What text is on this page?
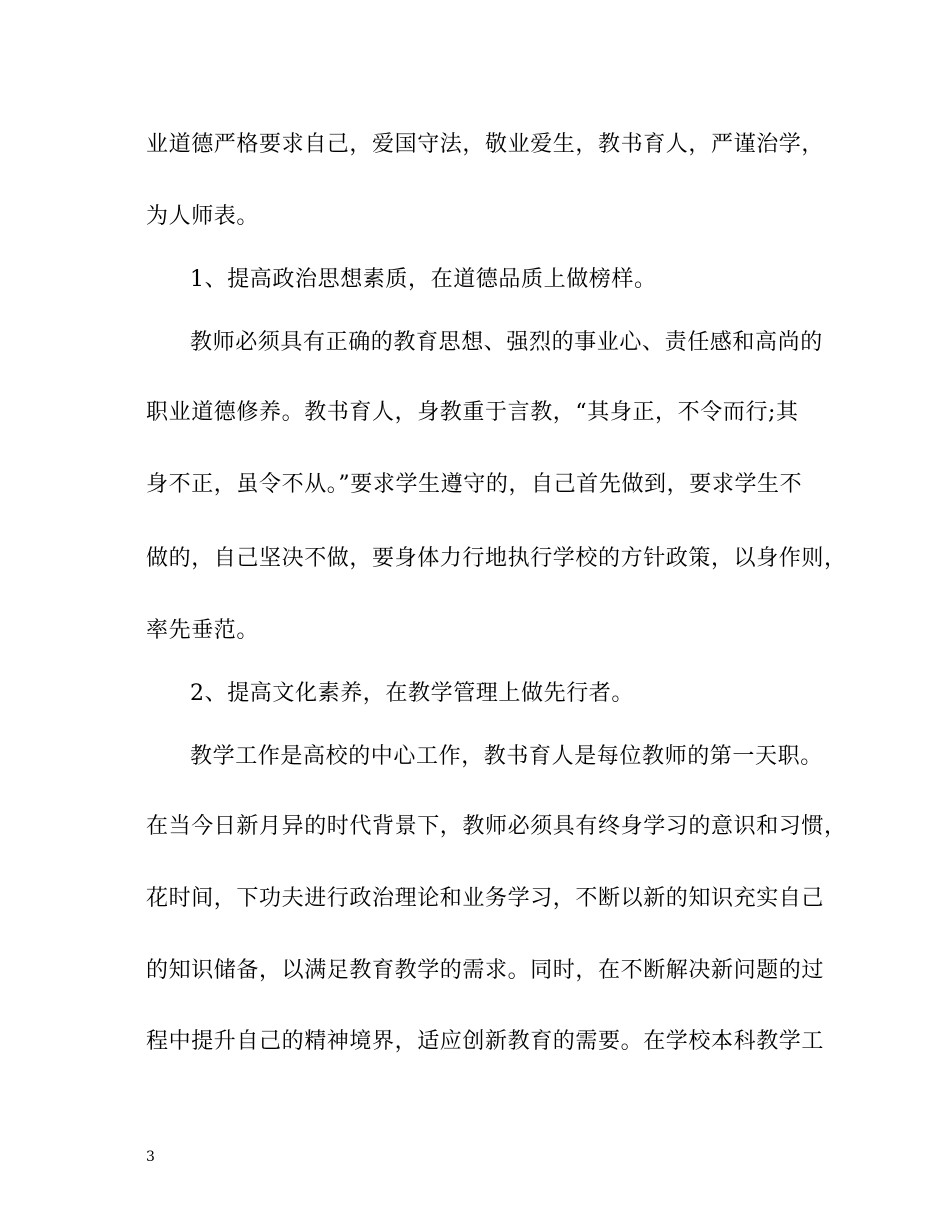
业道德严格要求自己，爱国守法，敬业爱生，教书育人，严谨治学，
为人师表。
1、提高政治思想素质，在道德品质上做榜样。
教师必须具有正确的教育思想、强烈的事业心、责任感和高尚的
职业道德修养。教书育人，身教重于言教，“其身正，不令而行;其
身不正，虽令不从。”要求学生遵守的，自己首先做到，要求学生不
做的，自己坚决不做，要身体力行地执行学校的方针政策，以身作则，
率先垂范。
2、提高文化素养，在教学管理上做先行者。
教学工作是高校的中心工作，教书育人是每位教师的第一天职。
在当今日新月异的时代背景下，教师必须具有终身学习的意识和习惯，
花时间，下功夫进行政治理论和业务学习，不断以新的知识充实自己
的知识储备，以满足教育教学的需求。同时，在不断解决新问题的过
程中提升自己的精神境界，适应创新教育的需要。在学校本科教学工
3
